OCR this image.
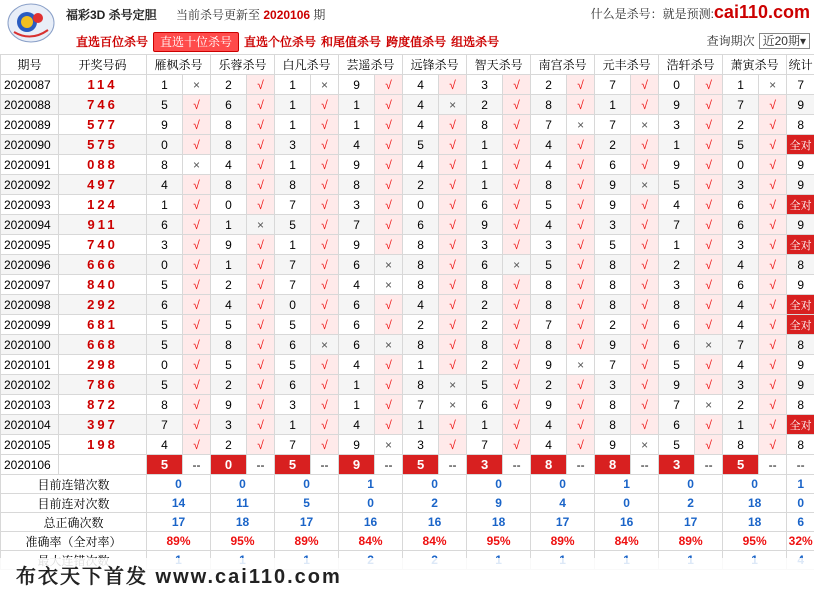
福彩3D 杀号定胆 当前杀号更新至 2020106 期	什么是杀号：就是预测:cai110.com
直选百位杀号 直选十位杀号 直选个位杀号 和尾值杀号 跨度值杀号 组选杀号	查询期次 近20期▾
期号	开奖号码	雁枫杀号		乐蓉杀号		白凡杀号		芸遥杀号		远锋杀号		智天杀号		南宫杀号		元丰杀号		浩轩杀号		萧寅杀号		统计
2020087	114	1	×	2	√	1	×	9	√	4	√	3	√	2	√	7	√	0	√	1	×	7
2020088	746	5	√	6	√	1	√	1	√	4	×	2	√	8	√	1	√	9	√	7	√	9
2020089	577	9	√	8	√	1	√	1	√	4	√	8	√	7	×	7	×	3	√	2	√	8
2020090	575	0	√	8	√	3	√	4	√	5	√	1	√	4	√	2	√	1	√	5	√	全对
2020091	088	8	×	4	√	1	√	9	√	4	√	1	√	4	√	6	√	9	√	0	√	9
2020092	497	4	√	8	√	8	√	8	√	2	√	1	√	8	√	9	×	5	√	3	√	9
2020093	124	1	√	0	√	7	√	3	√	0	√	6	√	5	√	9	√	4	√	6	√	全对
2020094	911	6	√	1	×	5	√	7	√	6	√	9	√	4	√	3	√	7	√	6	√	9
2020095	740	3	√	9	√	1	√	9	√	8	√	3	√	3	√	5	√	1	√	3	√	全对
2020096	666	0	√	1	√	7	√	6	×	8	√	6	×	5	√	8	√	2	√	4	√	8
2020097	840	5	√	2	√	7	√	4	×	8	√	8	√	8	√	8	√	3	√	6	√	9
2020098	292	6	√	4	√	0	√	6	√	4	√	2	√	8	√	8	√	8	√	4	√	全对
2020099	681	5	√	5	√	5	√	6	√	2	√	2	√	7	√	2	√	6	√	4	√	全对
2020100	668	5	√	8	√	6	×	6	×	8	√	8	√	8	√	9	√	6	×	7	√	8
2020101	298	0	√	5	√	5	√	4	√	1	√	2	√	9	×	7	√	5	√	4	√	9
2020102	786	5	√	2	√	6	√	1	√	8	×	5	√	2	√	3	√	9	√	3	√	9
2020103	872	8	√	9	√	3	√	1	√	7	×	6	√	9	√	8	√	7	×	2	√	8
2020104	397	7	√	3	√	1	√	4	√	1	√	1	√	4	√	8	√	6	√	1	√	全对
2020105	198	4	√	2	√	7	√	9	×	3	√	7	√	4	√	9	×	5	√	8	√	8
2020106	当前期杀号	5	--	0	--	5	--	9	--	5	--	3	--	8	--	8	--	3	--	5	--	--
目前连错次数		0		0		0		1		0		0		0		1		0		0		1
目前连对次数		14		11		5		0		2		9		4		0		2		18		0
总正确次数		17		18		17		16		16		18		17		16		17		18		6
准确率（全对率）		89%		95%		89%		84%		84%		95%		89%		84%		89%		95%		32%

布衣天下首发 www.cai110.com
